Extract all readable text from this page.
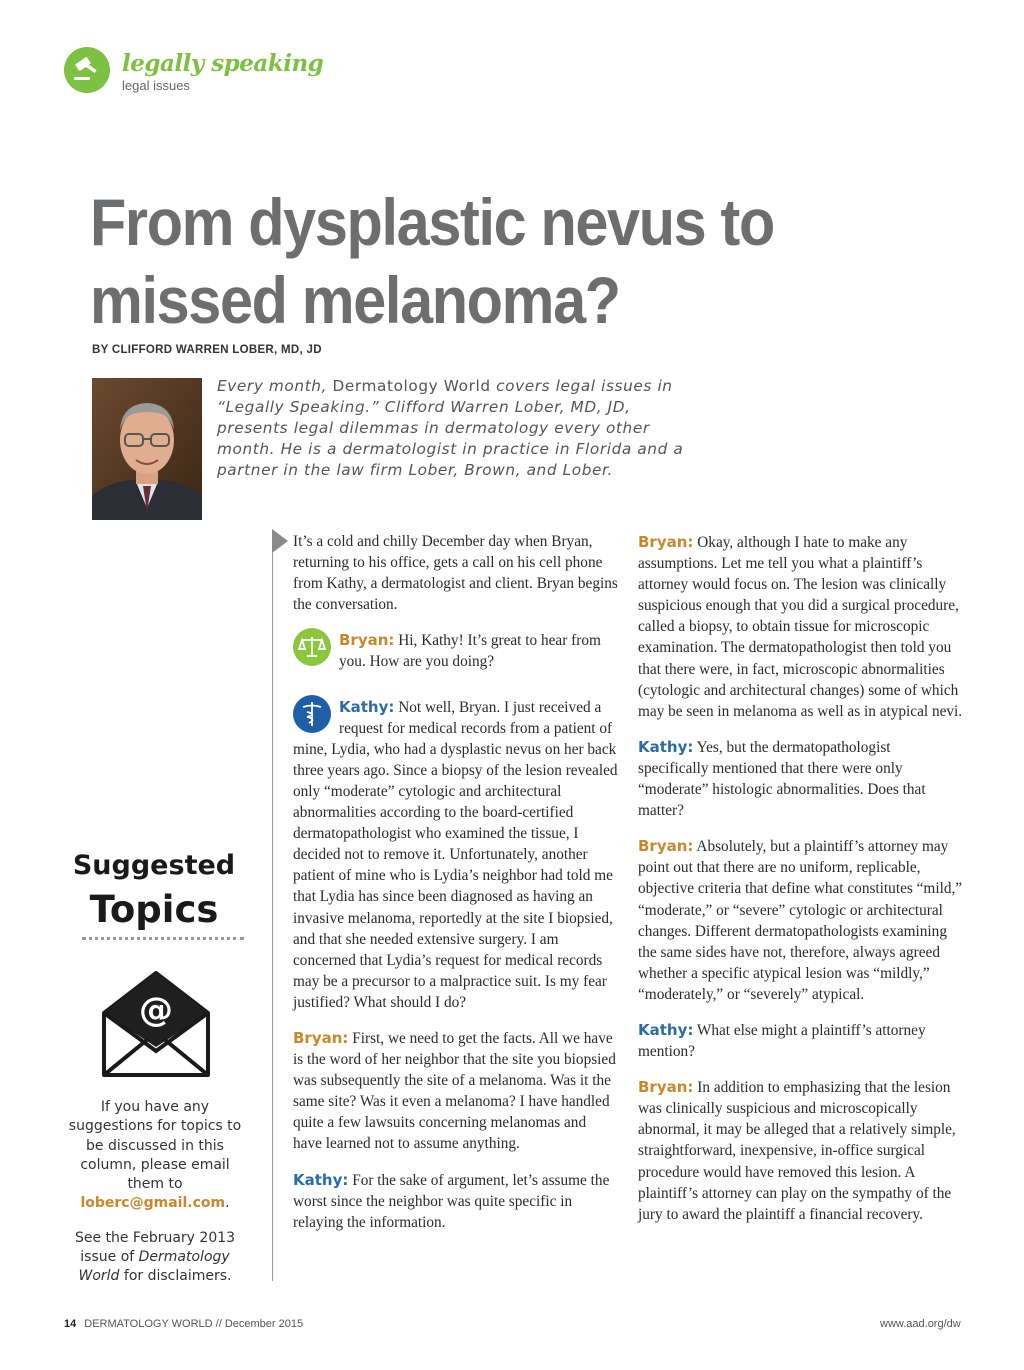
legally speaking
legal issues
From dysplastic nevus to missed melanoma?
BY CLIFFORD WARREN LOBER, MD, JD
Every month, Dermatology World covers legal issues in “Legally Speaking.” Clifford Warren Lober, MD, JD, presents legal dilemmas in dermatology every other month. He is a dermatologist in practice in Florida and a partner in the law firm Lober, Brown, and Lober.
Suggested
Topics
@
If you have any suggestions for topics to be discussed in this column, please email them to loberc@gmail.com.
See the February 2013 issue of Dermatology World for disclaimers.

It’s a cold and chilly December day when Bryan, returning to his office, gets a call on his cell phone from Kathy, a dermatologist and client. Bryan begins the conversation.

Bryan: Hi, Kathy! It’s great to hear from you. How are you doing?

Kathy: Not well, Bryan. I just received a request for medical records from a patient of mine, Lydia, who had a dysplastic nevus on her back three years ago. Since a biopsy of the lesion revealed only “moderate” cytologic and architectural abnormalities according to the board-certified dermatopathologist who examined the tissue, I decided not to remove it. Unfortunately, another patient of mine who is Lydia’s neighbor had told me that Lydia has since been diagnosed as having an invasive melanoma, reportedly at the site I biopsied, and that she needed extensive surgery. I am concerned that Lydia’s request for medical records may be a precursor to a malpractice suit. Is my fear justified? What should I do?

Bryan: First, we need to get the facts. All we have is the word of her neighbor that the site you biopsied was subsequently the site of a melanoma. Was it the same site? Was it even a melanoma? I have handled quite a few lawsuits concerning melanomas and have learned not to assume anything.

Kathy: For the sake of argument, let’s assume the worst since the neighbor was quite specific in relaying the information.

Bryan: Okay, although I hate to make any assumptions. Let me tell you what a plaintiff’s attorney would focus on. The lesion was clinically suspicious enough that you did a surgical procedure, called a biopsy, to obtain tissue for microscopic examination. The dermatopathologist then told you that there were, in fact, microscopic abnormalities (cytologic and architectural changes) some of which may be seen in melanoma as well as in atypical nevi.

Kathy: Yes, but the dermatopathologist specifically mentioned that there were only “moderate” histologic abnormalities. Does that matter?

Bryan: Absolutely, but a plaintiff’s attorney may point out that there are no uniform, replicable, objective criteria that define what constitutes “mild,” “moderate,” or “severe” cytologic or architectural changes. Different dermatopathologists examining the same sides have not, therefore, always agreed whether a specific atypical lesion was “mildly,” “moderately,” or “severely” atypical.

Kathy: What else might a plaintiff’s attorney mention?

Bryan: In addition to emphasizing that the lesion was clinically suspicious and microscopically abnormal, it may be alleged that a relatively simple, straightforward, inexpensive, in-office surgical procedure would have removed this lesion. A plaintiff’s attorney can play on the sympathy of the jury to award the plaintiff a financial recovery.

14 DERMATOLOGY WORLD // December 2015	www.aad.org/dw
